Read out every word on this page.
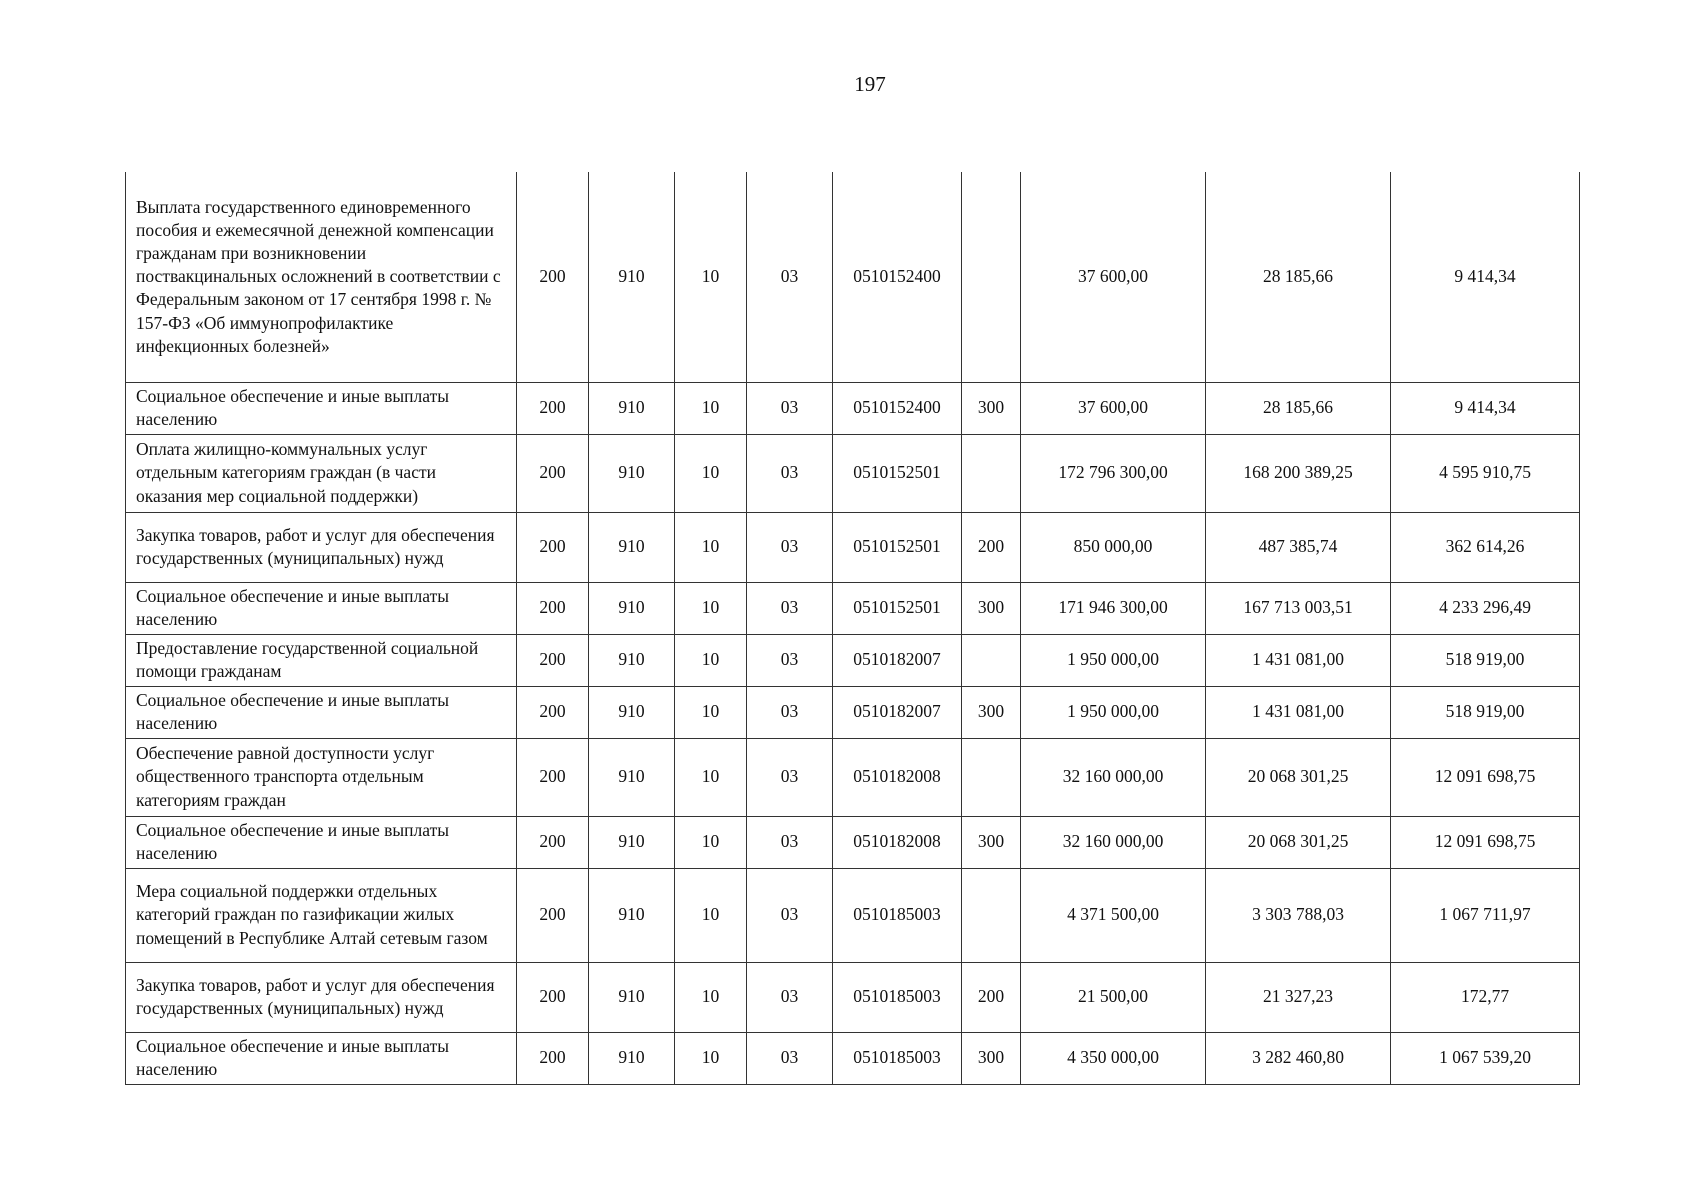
197
Выплата государственного единовременного пособия и ежемесячной денежной компенсации гражданам при возникновении поствакцинальных осложнений в соответствии с Федеральным законом от 17 сентября 1998 г. № 157-ФЗ «Об иммунопрофилактике инфекционных болезней»	200	910	10	03	0510152400		37 600,00	28 185,66	9 414,34
Социальное обеспечение и иные выплаты населению	200	910	10	03	0510152400	300	37 600,00	28 185,66	9 414,34
Оплата жилищно-коммунальных услуг отдельным категориям граждан (в части оказания мер социальной поддержки)	200	910	10	03	0510152501		172 796 300,00	168 200 389,25	4 595 910,75
Закупка товаров, работ и услуг для обеспечения государственных (муниципальных) нужд	200	910	10	03	0510152501	200	850 000,00	487 385,74	362 614,26
Социальное обеспечение и иные выплаты населению	200	910	10	03	0510152501	300	171 946 300,00	167 713 003,51	4 233 296,49
Предоставление государственной социальной помощи гражданам	200	910	10	03	0510182007		1 950 000,00	1 431 081,00	518 919,00
Социальное обеспечение и иные выплаты населению	200	910	10	03	0510182007	300	1 950 000,00	1 431 081,00	518 919,00
Обеспечение равной доступности услуг общественного транспорта отдельным категориям граждан	200	910	10	03	0510182008		32 160 000,00	20 068 301,25	12 091 698,75
Социальное обеспечение и иные выплаты населению	200	910	10	03	0510182008	300	32 160 000,00	20 068 301,25	12 091 698,75
Мера социальной поддержки отдельных категорий граждан по газификации жилых помещений в Республике Алтай сетевым газом	200	910	10	03	0510185003		4 371 500,00	3 303 788,03	1 067 711,97
Закупка товаров, работ и услуг для обеспечения государственных (муниципальных) нужд	200	910	10	03	0510185003	200	21 500,00	21 327,23	172,77
Социальное обеспечение и иные выплаты населению	200	910	10	03	0510185003	300	4 350 000,00	3 282 460,80	1 067 539,20
